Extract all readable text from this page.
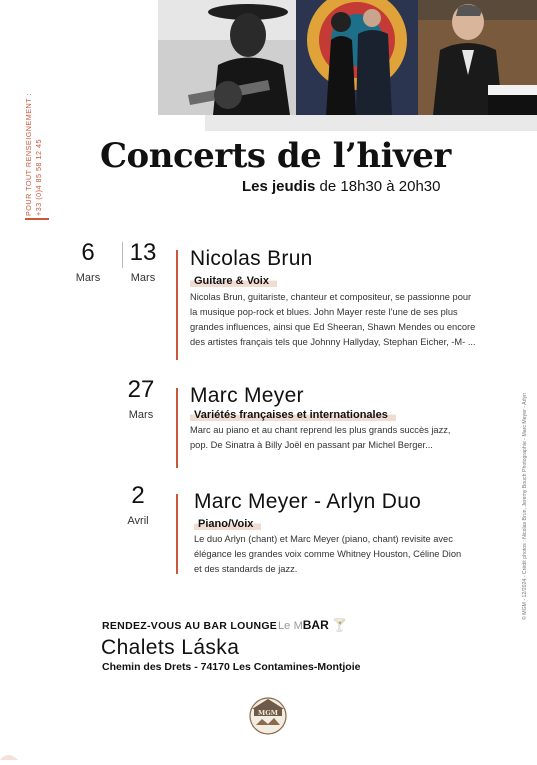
POUR TOUT RENSEIGNEMENT : +33 (0)4 85 58 12 45
© MGM - 12/2024 - Crédit photos : Nicolas Brun, Jeremy Bouch Photographie - Marc Meyer - Arlyn
Concerts de l’hiver
Les jeudis de 18h30 à 20h30
6
Mars
13
Mars
Nicolas Brun
Guitare & Voix
Nicolas Brun, guitariste, chanteur et compositeur, se passionne pour la musique pop-rock et blues. John Mayer reste l’une de ses plus grandes influences, ainsi que Ed Sheeran, Shawn Mendes ou encore des artistes français tels que Johnny Hallyday, Stephan Eicher, -M- ...
27
Mars
Marc Meyer
Variétés françaises et internationales
Marc au piano et au chant reprend les plus grands succès jazz, pop. De Sinatra à Billy Joël en passant par Michel Berger...
2
Avril
Marc Meyer - Arlyn Duo
Piano/Voix
Le duo Arlyn (chant) et Marc Meyer (piano, chant) revisite avec élégance les grandes voix comme Whitney Houston, Céline Dion et des standards de jazz.
RENDEZ-VOUS AU BAR LOUNGE Le MBAR 🍸
Chalets Láska
Chemin des Drets - 74170 Les Contamines-Montjoie
MGM
